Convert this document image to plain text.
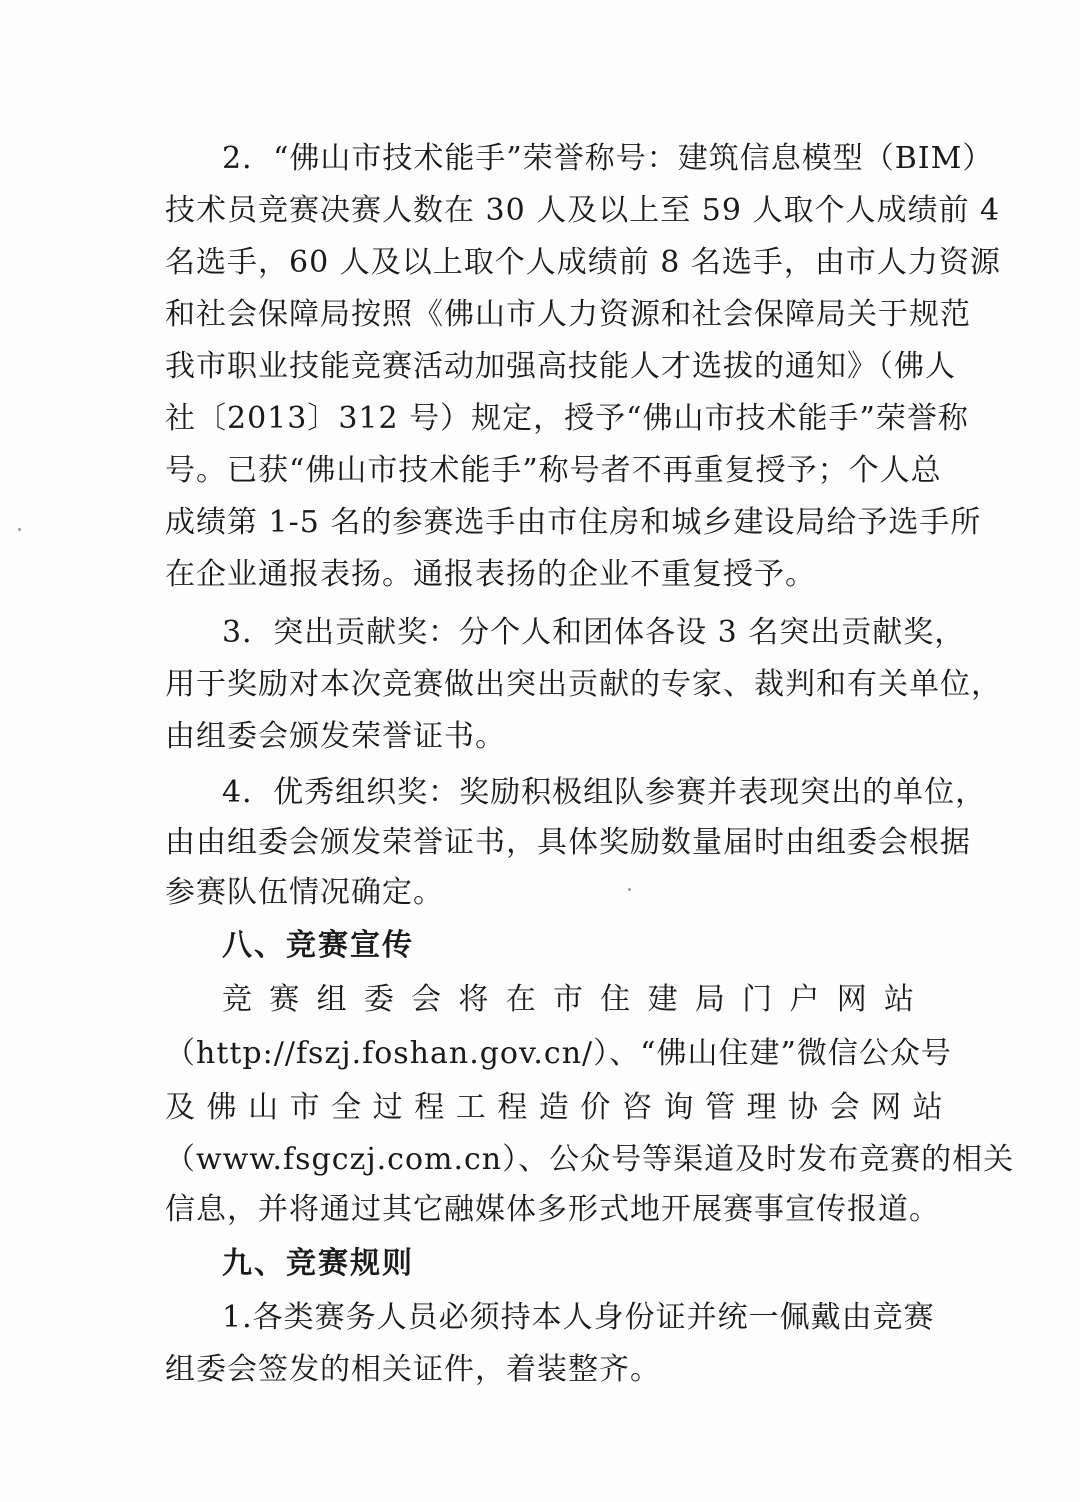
2．“佛山市技术能手”荣誉称号：建筑信息模型（BIM）
技术员竞赛决赛人数在 30 人及以上至 59 人取个人成绩前 4
名选手，60 人及以上取个人成绩前 8 名选手，由市人力资源
和社会保障局按照《佛山市人力资源和社会保障局关于规范
我市职业技能竞赛活动加强高技能人才选拔的通知》（佛人
社〔2013〕312 号）规定，授予“佛山市技术能手”荣誉称
号。已获“佛山市技术能手”称号者不再重复授予；个人总
成绩第 1-5 名的参赛选手由市住房和城乡建设局给予选手所
在企业通报表扬。通报表扬的企业不重复授予。
3．突出贡献奖：分个人和团体各设 3 名突出贡献奖，
用于奖励对本次竞赛做出突出贡献的专家、裁判和有关单位，
由组委会颁发荣誉证书。
4．优秀组织奖：奖励积极组队参赛并表现突出的单位，
由由组委会颁发荣誉证书，具体奖励数量届时由组委会根据
参赛队伍情况确定。
八、竞赛宣传
竞 赛 组 委 会 将 在 市 住 建 局 门 户 网 站
（http://fszj.foshan.gov.cn/）、“佛山住建”微信公众号
及 佛 山 市 全 过 程 工 程 造 价 咨 询 管 理 协 会 网 站
（www.fsgczj.com.cn）、公众号等渠道及时发布竞赛的相关
信息，并将通过其它融媒体多形式地开展赛事宣传报道。
九、竞赛规则
1.各类赛务人员必须持本人身份证并统一佩戴由竞赛
组委会签发的相关证件，着装整齐。
